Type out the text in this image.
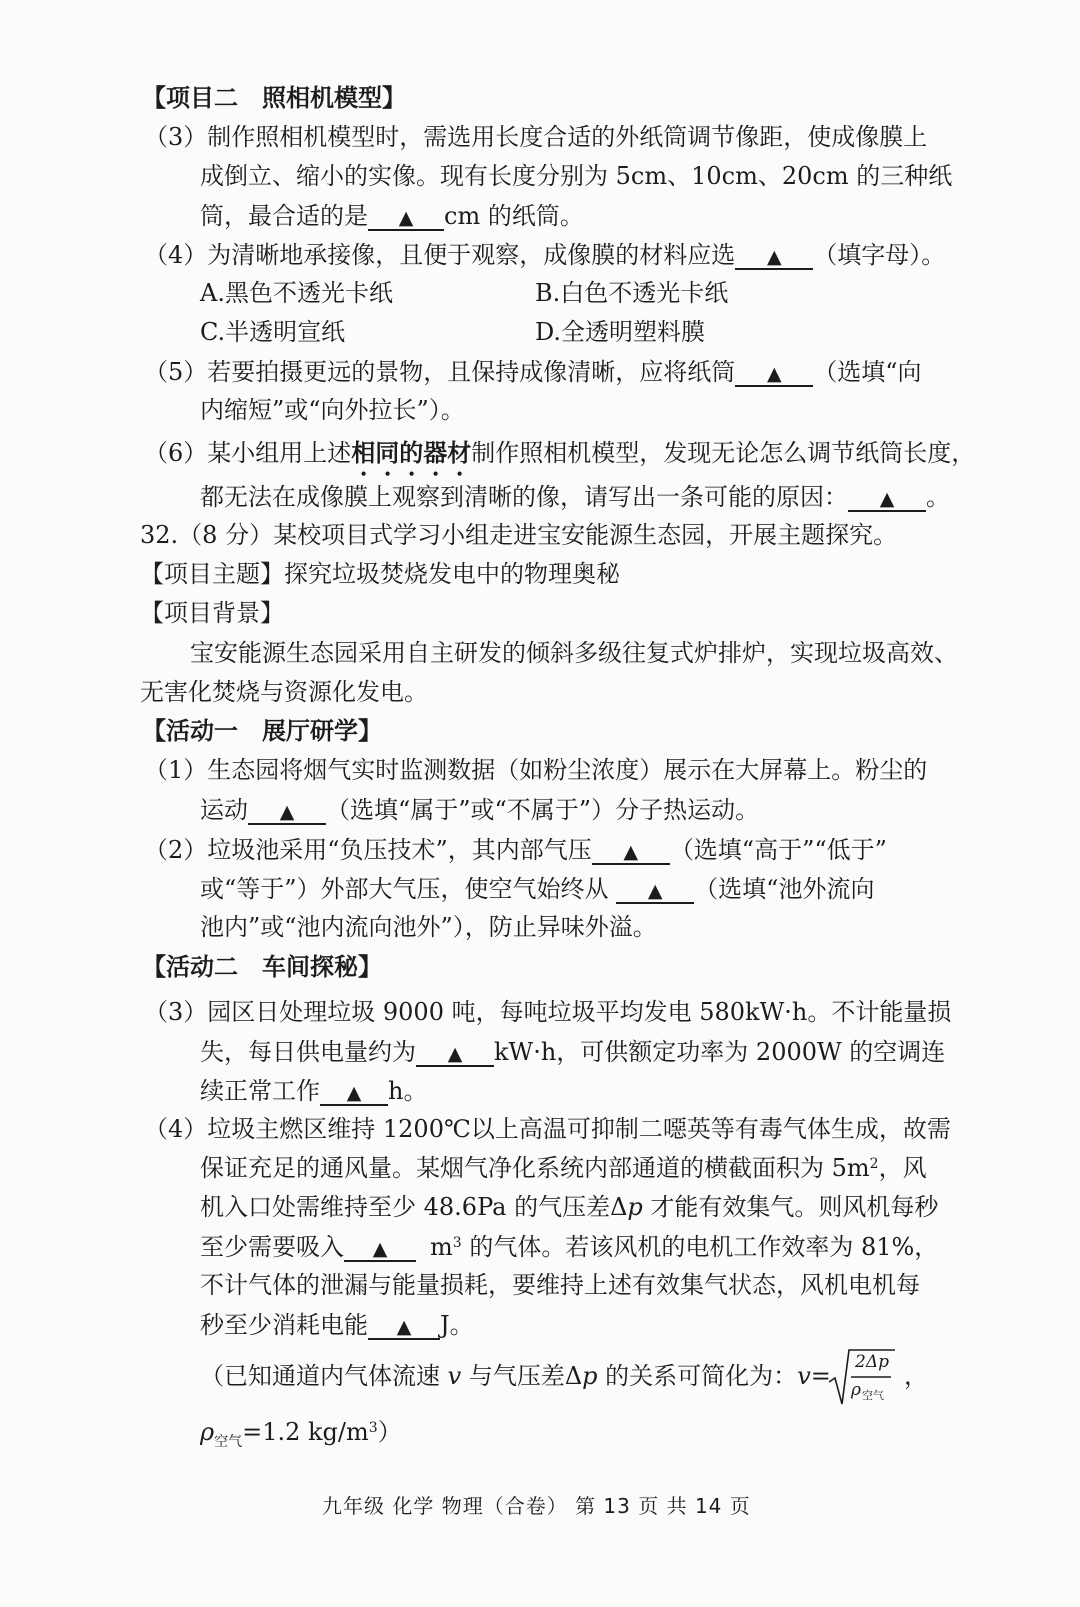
【项目二　照相机模型】
（3）制作照相机模型时，需选用长度合适的外纸筒调节像距，使成像膜上
成倒立、缩小的实像。现有长度分别为 5cm、10cm、20cm 的三种纸
筒，最合适的是 ▲ cm 的纸筒。
（4）为清晰地承接像，且便于观察，成像膜的材料应选 ▲ （填字母）。
A.黑色不透光卡纸	B.白色不透光卡纸
C.半透明宣纸	D.全透明塑料膜
（5）若要拍摄更远的景物，且保持成像清晰，应将纸筒 ▲ （选填“向
内缩短”或“向外拉长”）。
（6）某小组用上述相同的器材制作照相机模型，发现无论怎么调节纸筒长度，
都无法在成像膜上观察到清晰的像，请写出一条可能的原因： ▲ 。
32.（8 分）某校项目式学习小组走进宝安能源生态园，开展主题探究。
【项目主题】探究垃圾焚烧发电中的物理奥秘
【项目背景】
宝安能源生态园采用自主研发的倾斜多级往复式炉排炉，实现垃圾高效、
无害化焚烧与资源化发电。
【活动一　展厅研学】
（1）生态园将烟气实时监测数据（如粉尘浓度）展示在大屏幕上。粉尘的
运动 ▲ （选填“属于”或“不属于”）分子热运动。
（2）垃圾池采用“负压技术”，其内部气压 ▲ （选填“高于”“低于”
或“等于”）外部大气压，使空气始终从 ▲ （选填“池外流向
池内”或“池内流向池外”），防止异味外溢。
【活动二　车间探秘】
（3）园区日处理垃圾 9000 吨，每吨垃圾平均发电 580kW·h。不计能量损
失，每日供电量约为 ▲ kW·h，可供额定功率为 2000W 的空调连
续正常工作 ▲ h。
（4）垃圾主燃区维持 1200℃以上高温可抑制二噁英等有毒气体生成，故需
保证充足的通风量。某烟气净化系统内部通道的横截面积为 $5m^2$，风
机入口处需维持至少 48.6Pa 的气压差Δp 才能有效集气。则风机每秒
至少需要吸入 ▲ $m^3$ 的气体。若该风机的电机工作效率为 81%，
不计气体的泄漏与能量损耗，要维持上述有效集气状态，风机电机每
秒至少消耗电能 ▲ J。
（已知通道内气体流速 v 与气压差Δp 的关系可简化为：v= 2Δp
ρ 空气
，
$\rho_{空气}=1.2$ $kg/m^3$）
九年级 化学 物理（合卷） 第 13 页 共 14 页
